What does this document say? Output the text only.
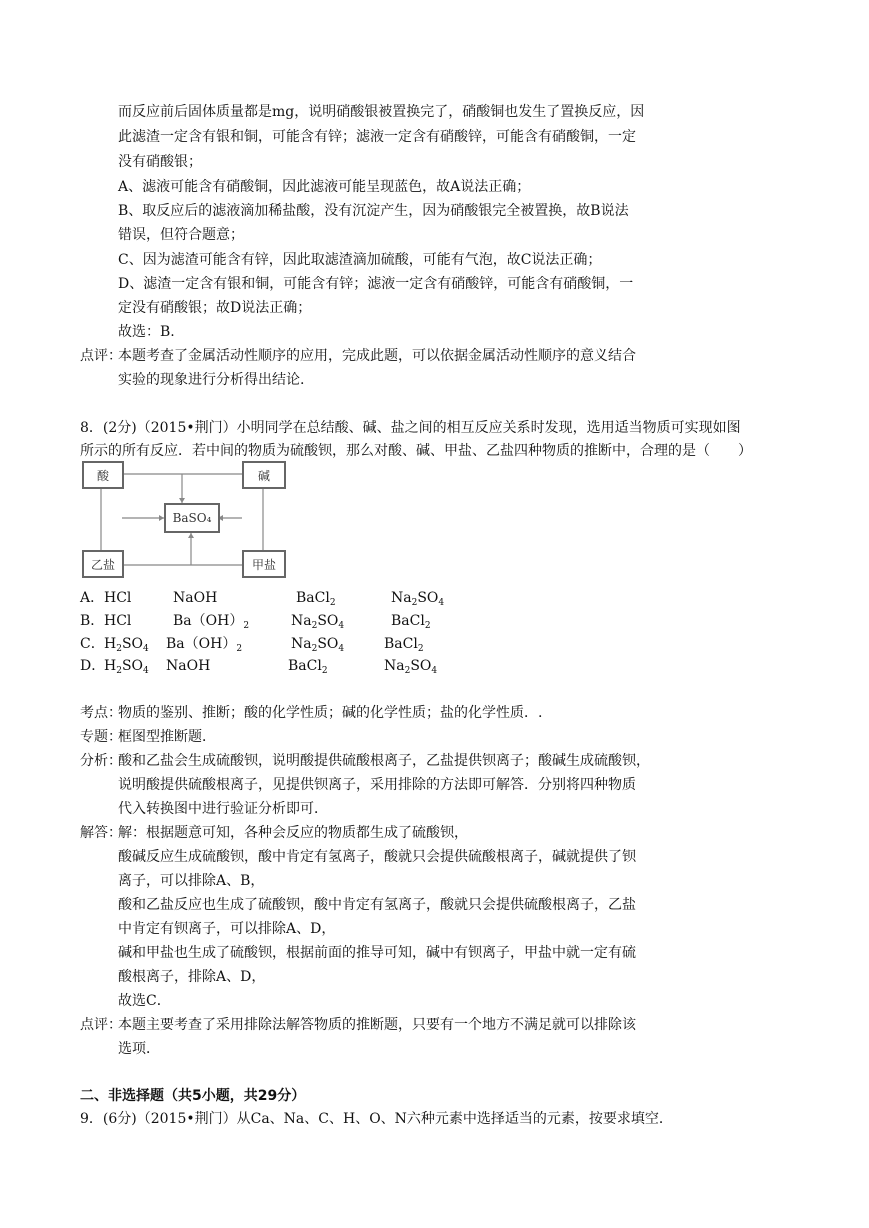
而反应前后固体质量都是mg，说明硝酸银被置换完了，硝酸铜也发生了置换反应，因
此滤渣一定含有银和铜，可能含有锌；滤液一定含有硝酸锌，可能含有硝酸铜，一定
没有硝酸银；
A、滤液可能含有硝酸铜，因此滤液可能呈现蓝色，故A说法正确；
B、取反应后的滤液滴加稀盐酸，没有沉淀产生，因为硝酸银完全被置换，故B说法
错误，但符合题意；
C、因为滤渣可能含有锌，因此取滤渣滴加硫酸，可能有气泡，故C说法正确；
D、滤渣一定含有银和铜，可能含有锌；滤液一定含有硝酸锌，可能含有硝酸铜，一
定没有硝酸银；故D说法正确；
故选：B.
点评：
本题考查了金属活动性顺序的应用，完成此题，可以依据金属活动性顺序的意义结合
实验的现象进行分析得出结论.
8．(2分)（2015•荆门）小明同学在总结酸、碱、盐之间的相互反应关系时发现，选用适当物质可实现如图
所示的所有反应．若中间的物质为硫酸钡，那么对酸、碱、甲盐、乙盐四种物质的推断中，合理的是（　　）
酸	碱
BaSO₄
乙盐	甲盐
A． HCl	NaOH	BaCl$_2$	$Na_2SO_4$
B． HCl	$Ba(OH)_2$	$Na_2SO_4$	BaCl$_2$
C． $H_2SO_4$ $Ba(OH)_2$	$Na_2SO_4$	BaCl$_2$
D．
$H_2SO_4$ NaOH	BaCl$_2$	$Na_2SO_4$
考点：
物质的鉴别、推断；酸的化学性质；碱的化学性质；盐的化学性质．.
专题：
框图型推断题．
分析：
酸和乙盐会生成硫酸钡，说明酸提供硫酸根离子，乙盐提供钡离子；酸碱生成硫酸钡，
说明酸提供硫酸根离子，见提供钡离子，采用排除的方法即可解答．分别将四种物质
代入转换图中进行验证分析即可．
解答：
解：根据题意可知，各种会反应的物质都生成了硫酸钡，
酸碱反应生成硫酸钡，酸中肯定有氢离子，酸就只会提供硫酸根离子，碱就提供了钡
离子，可以排除A、B，
酸和乙盐反应也生成了硫酸钡，酸中肯定有氢离子，酸就只会提供硫酸根离子，乙盐
中肯定有钡离子，可以排除A、D，
碱和甲盐也生成了硫酸钡，根据前面的推导可知，碱中有钡离子，甲盐中就一定有硫
酸根离子，排除A、D，
故选C．
点评：
本题主要考查了采用排除法解答物质的推断题，只要有一个地方不满足就可以排除该
选项．
二、非选择题（共5小题，共29分）
9．(6分)（2015•荆门）从Ca、Na、C、H、O、N六种元素中选择适当的元素，按要求填空．
